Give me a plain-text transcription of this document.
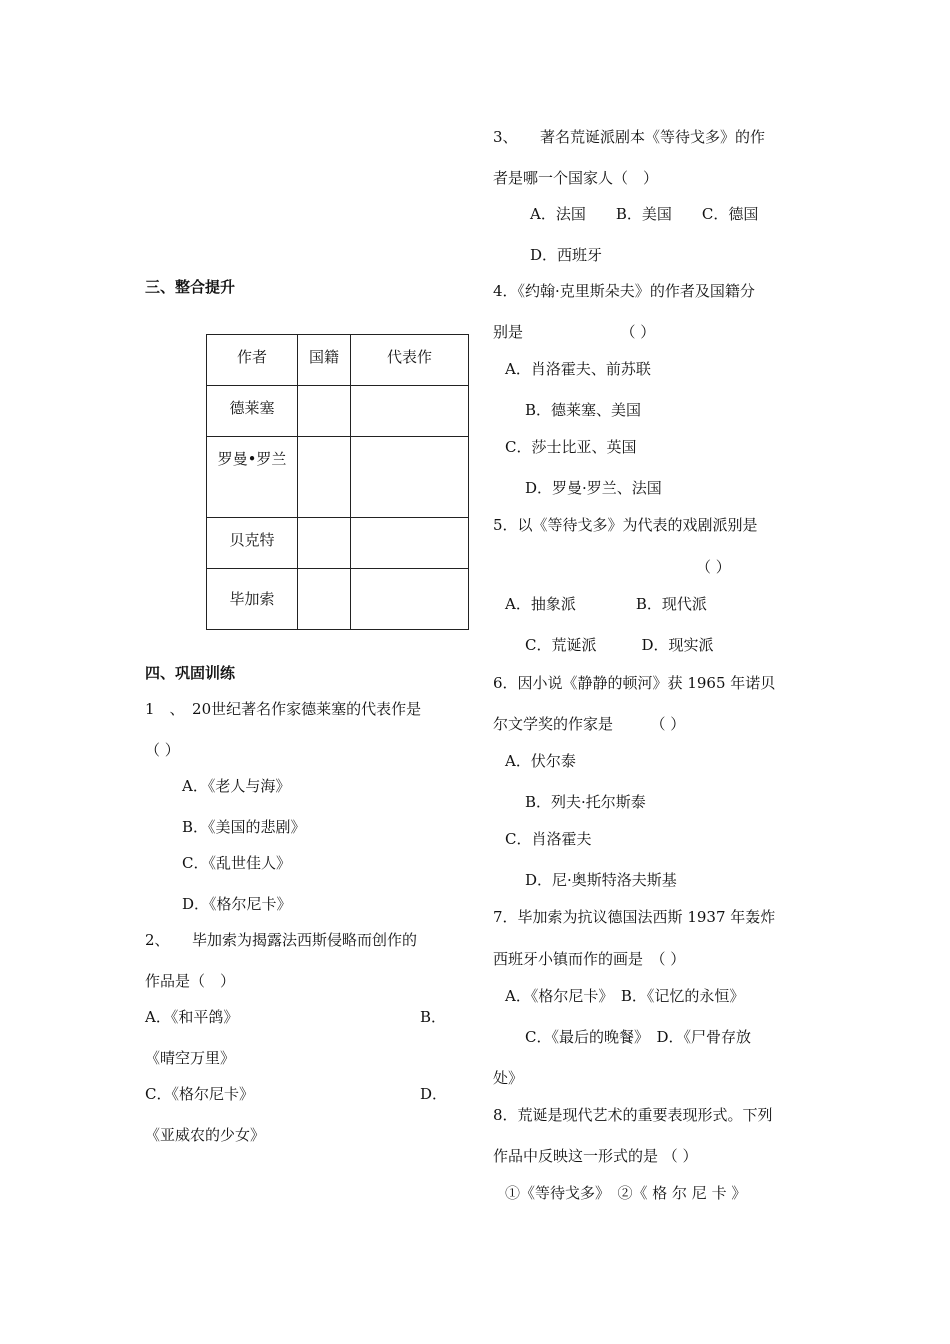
三、整合提升
作者	国籍	代表作
德莱塞		
罗曼•罗兰		
贝克特		
毕加索		
四、巩固训练
1　、　20世纪著名作家德莱塞的代表作是
（ ）
A．《老人与海》
B．《美国的悲剧》
C．《乱世佳人》
D．《格尔尼卡》
2、　　毕加索为揭露法西斯侵略而创作的
作品是（　）
A．《和平鸽》	B．
《晴空万里》
C．《格尔尼卡》	D．
《亚威农的少女》
3、　　著名荒诞派剧本《等待戈多》的作
者是哪一个国家人（　）
A．法国　　B．美国　　C．德国
D．西班牙
4．《约翰·克里斯朵夫》的作者及国籍分
别是　　　　　　　（ ）
A．肖洛霍夫、前苏联
B．德莱塞、美国
C．莎士比亚、英国
D．罗曼·罗兰、法国
5．以《等待戈多》为代表的戏剧派别是
（ ）
A．抽象派　　　　B．现代派
C．荒诞派　　　D．现实派
6．因小说《静静的顿河》获 1965 年诺贝
尔文学奖的作家是　　　（ ）
A．伏尔泰
B．列夫·托尔斯泰
C．肖洛霍夫
D．尼·奥斯特洛夫斯基
7．毕加索为抗议德国法西斯 1937 年轰炸
西班牙小镇而作的画是　（ ）
A．《格尔尼卡》　B．《记忆的永恒》
C．《最后的晚餐》　D．《尸骨存放
处》
8．荒诞是现代艺术的重要表现形式。下列
作品中反映这一形式的是 （ ）
①《等待戈多》　②《 格 尔 尼 卡 》
